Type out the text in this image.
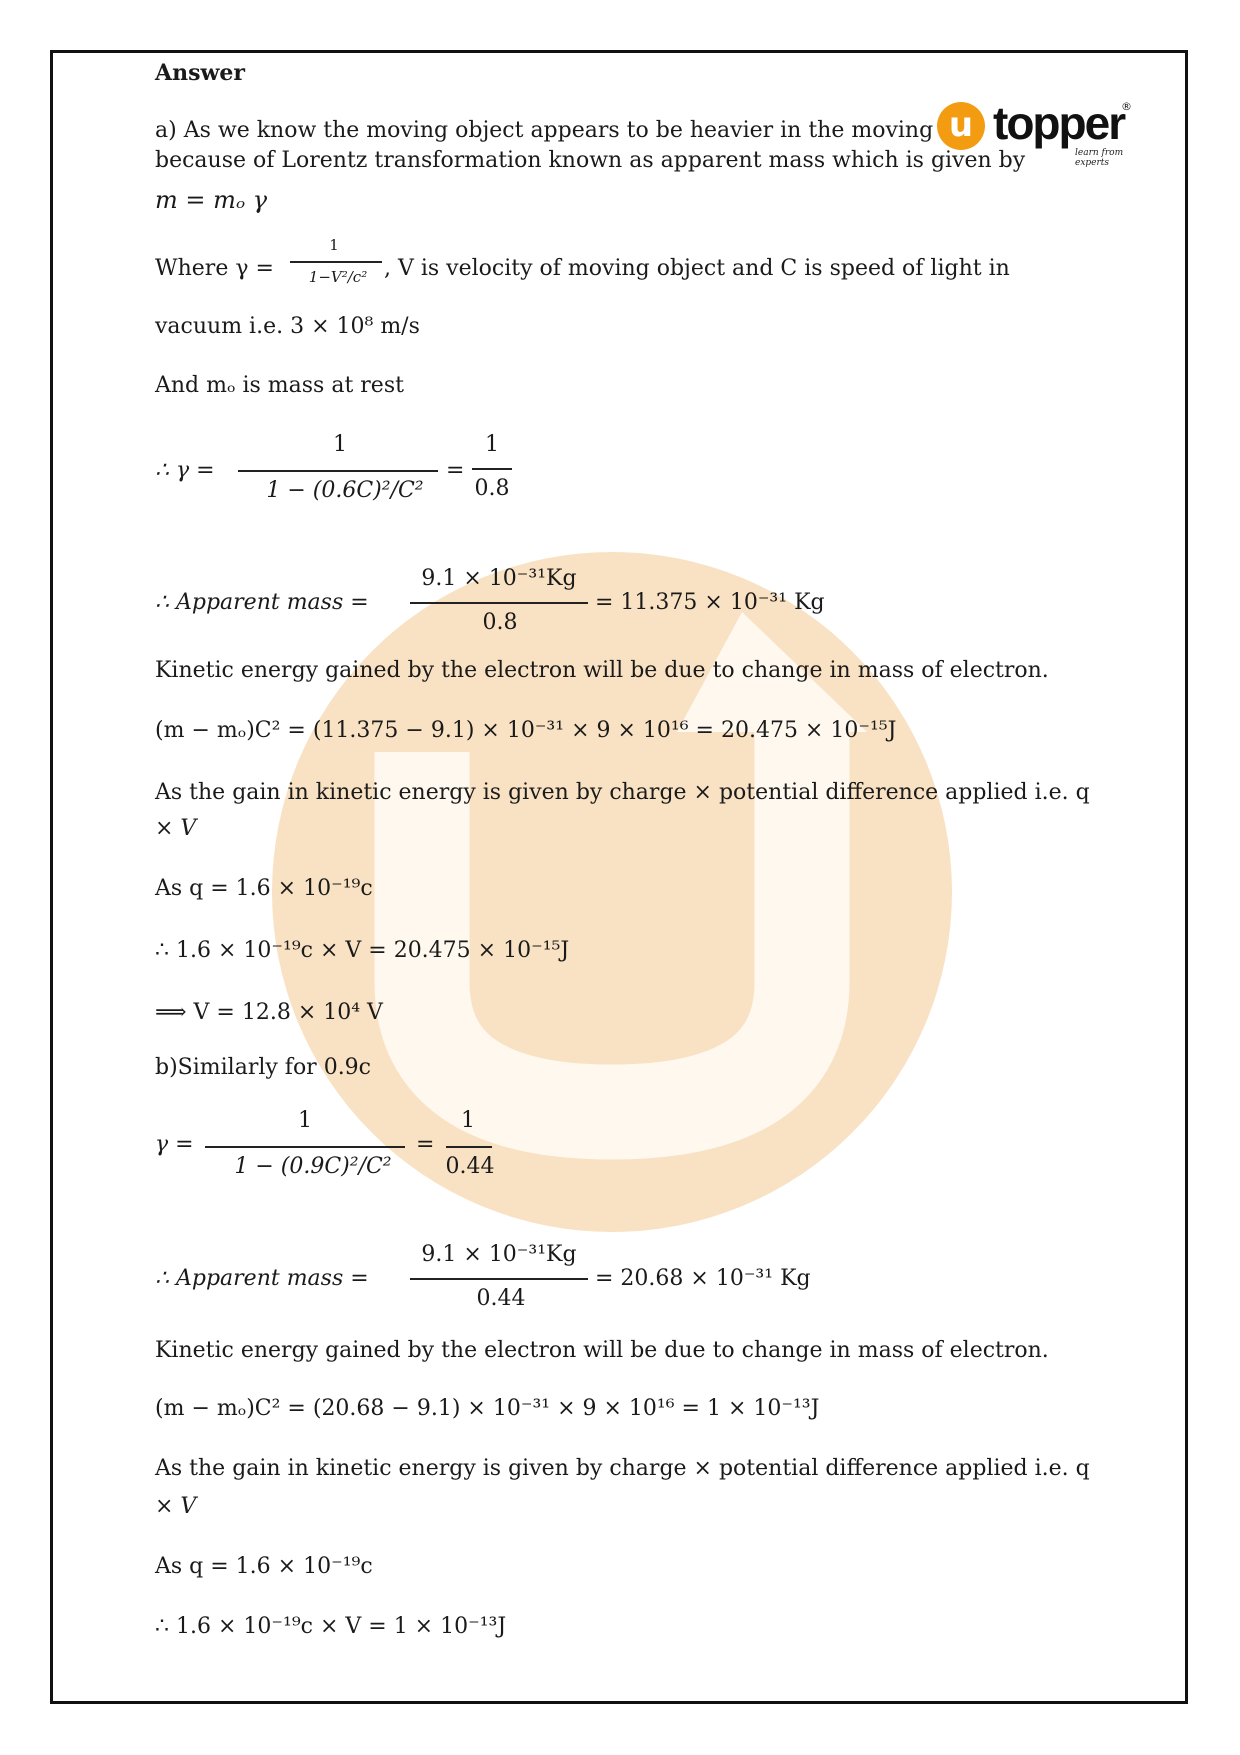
u topper
®
learn from experts
Answer
a) As we know the moving object appears to be heavier in the moving
because of Lorentz transformation known as apparent mass which is given by
m = mₒ γ
Where γ =
1
1−V²/c² , V is velocity of moving object and C is speed of light in
vacuum i.e. 3 × 10⁸ m/s
And mₒ is mass at rest
∴ γ =
1
1 − (0.6C)²/C²
=
1
0.8
∴ Apparent mass =
9.1 × 10⁻³¹Kg
0.8
= 11.375 × 10⁻³¹ Kg
Kinetic energy gained by the electron will be due to change in mass of electron.
(m − mₒ)C² = (11.375 − 9.1) × 10⁻³¹ × 9 × 10¹⁶ = 20.475 × 10⁻¹⁵J
As the gain in kinetic energy is given by charge × potential difference applied i.e. q
× V
As q = 1.6 × 10⁻¹⁹c
∴ 1.6 × 10⁻¹⁹c × V = 20.475 × 10⁻¹⁵J
⟹ V = 12.8 × 10⁴ V
b)Similarly for 0.9c
γ =
1
1 − (0.9C)²/C²
=
1
0.44
∴ Apparent mass =
9.1 × 10⁻³¹Kg
0.44
= 20.68 × 10⁻³¹ Kg
Kinetic energy gained by the electron will be due to change in mass of electron.
(m − mₒ)C² = (20.68 − 9.1) × 10⁻³¹ × 9 × 10¹⁶ = 1 × 10⁻¹³J
As the gain in kinetic energy is given by charge × potential difference applied i.e. q
× V
As q = 1.6 × 10⁻¹⁹c
∴ 1.6 × 10⁻¹⁹c × V = 1 × 10⁻¹³J
